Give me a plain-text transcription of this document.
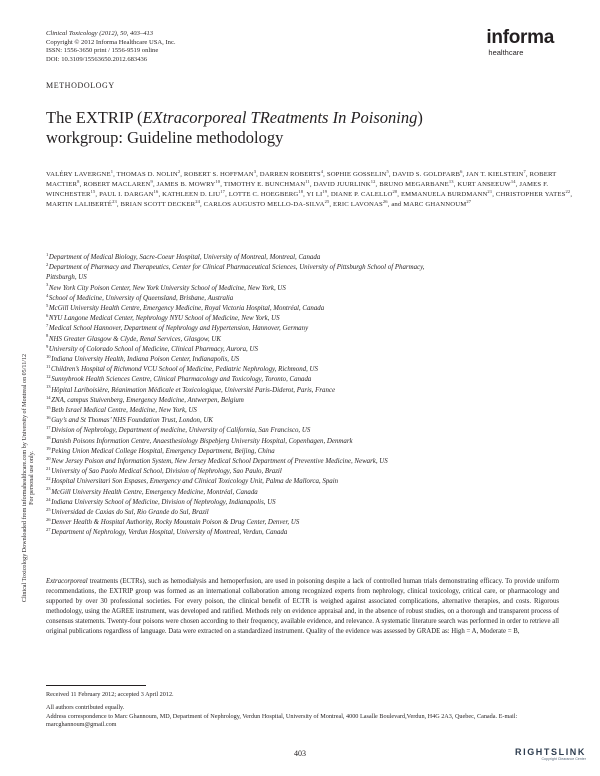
Clinical Toxicology (2012), 50, 403–413
Copyright © 2012 Informa Healthcare USA, Inc.
ISSN: 1556-3650 print / 1556-9519 online
DOI: 10.3109/15563650.2012.683436
informa
healthcare
METHODOLOGY
The EXTRIP (EXtracorporeal TReatments In Poisoning)
workgroup: Guideline methodology
VALÉRY LAVERGNE$^1$, THOMAS D. NOLIN$^2$, ROBERT S. HOFFMAN$^3$, DARREN ROBERTS$^4$, SOPHIE GOSSELIN$^5$, DAVID S. GOLDFARB$^6$, JAN T. KIELSTEIN$^7$, ROBERT MACTIER$^8$, ROBERT MACLAREN$^9$, JAMES B. MOWRY$^{10}$, TIMOTHY E. BUNCHMAN$^{11}$, DAVID JUURLINK$^{12}$, BRUNO MEGARBANE$^{13}$, KURT ANSEEUW$^{14}$, JAMES F. WINCHESTER$^{15}$, PAUL I. DARGAN$^{16}$, KATHLEEN D. LIU$^{17}$, LOTTE C. HOEGBERG$^{18}$, YI LI$^{19}$, DIANE P. CALELLO$^{20}$, EMMANUELA BURDMANN$^{21}$, CHRISTOPHER YATES$^{22}$, MARTIN LALIBERTÉ$^{23}$, BRIAN SCOTT DECKER$^{24}$, CARLOS AUGUSTO MELLO-DA-SILVA$^{25}$, ERIC LAVONAS$^{26}$, and MARC GHANNOUM$^{27}$
$^1$Department of Medical Biology, Sacre-Coeur Hospital, University of Montreal, Montreal, Canada
$^2$Department of Pharmacy and Therapeutics, Center for Clinical Pharmaceutical Sciences, University of Pittsburgh School of Pharmacy,
Pittsburgh, US
$^3$New York City Poison Center, New York University School of Medicine, New York, US
$^4$School of Medicine, University of Queensland, Brisbane, Australia
$^5$McGill University Health Centre, Emergency Medicine, Royal Victoria Hospital, Montréal, Canada
$^6$NYU Langone Medical Center, Nephrology NYU School of Medicine, New York, US
$^7$Medical School Hannover, Department of Nephrology and Hypertension, Hannover, Germany
$^8$NHS Greater Glasgow & Clyde, Renal Services, Glasgow, UK
$^9$University of Colorado School of Medicine, Clinical Pharmacy, Aurora, US
$^{10}$Indiana University Health, Indiana Poison Center, Indianapolis, US
$^{11}$Children’s Hospital of Richmond VCU School of Medicine, Pediatric Nephrology, Richmond, US
$^{12}$Sunnybrook Health Sciences Centre, Clinical Pharmacology and Toxicology, Toronto, Canada
$^{13}$Hôpital Lariboisière, Réanimation Médicale et Toxicologique, Université Paris-Diderot, Paris, France
$^{14}$ZNA, campus Stuivenberg, Emergency Medicine, Antwerpen, Belgium
$^{15}$Beth Israel Medical Centre, Medicine, New York, US
$^{16}$Guy’s and St Thomas’ NHS Foundation Trust, London, UK
$^{17}$Division of Nephrology, Department of medicine, University of California, San Francisco, US
$^{18}$Danish Poisons Information Centre, Anaesthesiology Bispebjerg University Hospital, Copenhagen, Denmark
$^{19}$Peking Union Medical College Hospital, Emergency Department, Beijing, China
$^{20}$New Jersey Poison and Information System, New Jersey Medical School Department of Preventive Medicine, Newark, US
$^{21}$University of Sao Paolo Medical School, Division of Nephrology, Sao Paulo, Brazil
$^{22}$Hospital Universitari Son Espases, Emergency and Clinical Toxicology Unit, Palma de Mallorca, Spain
$^{23}$McGill University Health Centre, Emergency Medicine, Montréal, Canada
$^{24}$Indiana University School of Medicine, Division of Nephrology, Indianapolis, US
$^{25}$Universidad de Caxias do Sul, Rio Grande do Sul, Brazil
$^{26}$Denver Health & Hospital Authority, Rocky Mountain Poison & Drug Center, Denver, US
$^{27}$Department of Nephrology, Verdun Hospital, University of Montreal, Verdun, Canada
Extracorporeal treatments (ECTRs), such as hemodialysis and hemoperfusion, are used in poisoning despite a lack of controlled human trials demonstrating efficacy. To provide uniform recommendations, the EXTRIP group was formed as an international collaboration among recognized experts from nephrology, clinical toxicology, critical care, or pharmacology and supported by over 30 professional societies. For every poison, the clinical benefit of ECTR is weighed against associated complications, alternative therapies, and costs. Rigorous methodology, using the AGREE instrument, was developed and ratified. Methods rely on evidence appraisal and, in the absence of robust studies, on a thorough and transparent process of consensus statements. Twenty-four poisons were chosen according to their frequency, available evidence, and relevance. A systematic literature search was performed in order to retrieve all original publications regardless of language. Data were extracted on a standardized instrument. Quality of the evidence was assessed by GRADE as: High = A, Moderate = B,
Received 11 February 2012; accepted 3 April 2012.
All authors contributed equally.
Address correspondence to Marc Ghannoum, MD, Department of Nephrology, Verdun Hospital, University of Montreal, 4000 Lasalle Boulevard,Verdun, H4G 2A3, Quebec, Canada. E-mail: marcghannoum@gmail.com
403	RIGHTSLINK
Copyright Clearance Center
Clinical Toxicology Downloaded from informahealthcare.com by University of Montreal on 05/11/12 For personal use only.
